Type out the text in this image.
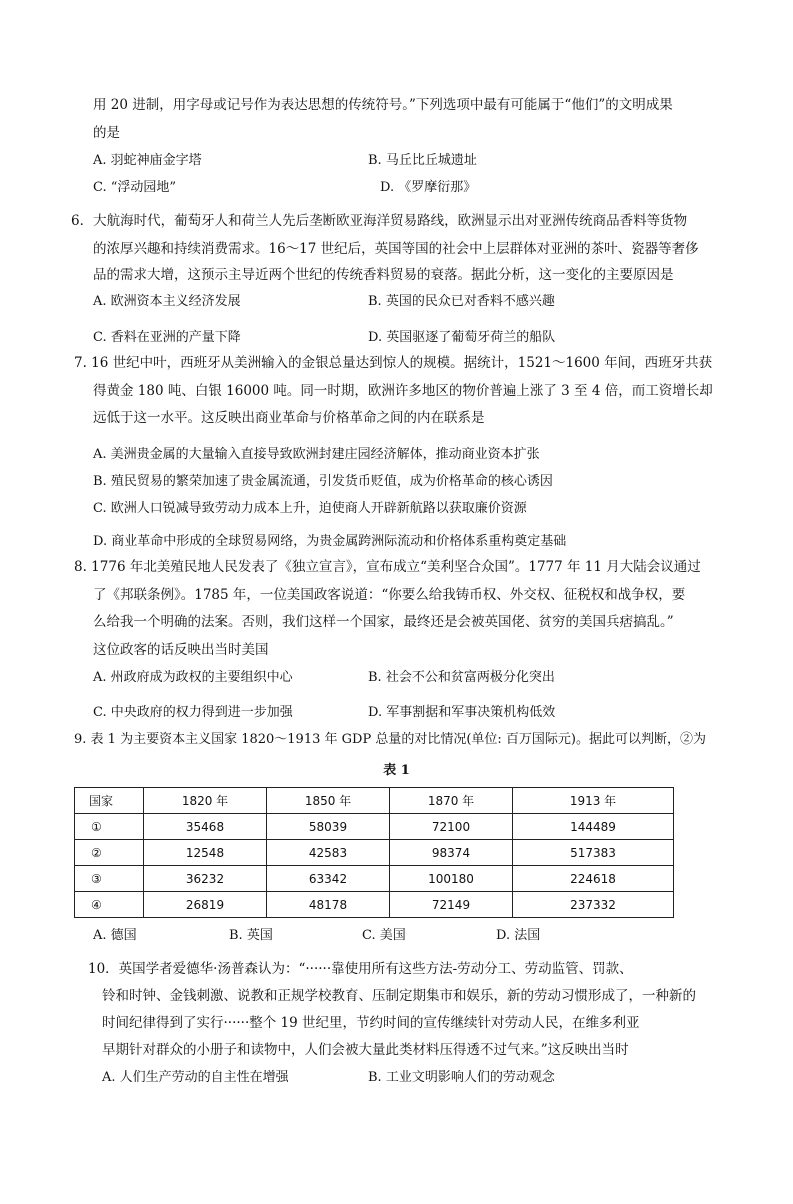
用 20 进制，用字母或记号作为表达思想的传统符号。”下列选项中最有可能属于“他们”的文明成果
的是
A. 羽蛇神庙金字塔	B. 马丘比丘城遗址
C. “浮动园地”	D. 《罗摩衍那》
6．大航海时代，葡萄牙人和荷兰人先后垄断欧亚海洋贸易路线，欧洲显示出对亚洲传统商品香料等货物
的浓厚兴趣和持续消费需求。16～17 世纪后，英国等国的社会中上层群体对亚洲的茶叶、瓷器等奢侈
品的需求大增，这预示主导近两个世纪的传统香料贸易的衰落。据此分析，这一变化的主要原因是
A. 欧洲资本主义经济发展	B. 英国的民众已对香料不感兴趣
C. 香料在亚洲的产量下降	D. 英国驱逐了葡萄牙荷兰的船队
7. 16 世纪中叶，西班牙从美洲输入的金银总量达到惊人的规模。据统计，1521～1600 年间，西班牙共获
得黄金 180 吨、白银 16000 吨。同一时期，欧洲许多地区的物价普遍上涨了 3 至 4 倍，而工资增长却
远低于这一水平。这反映出商业革命与价格革命之间的内在联系是
A. 美洲贵金属的大量输入直接导致欧洲封建庄园经济解体，推动商业资本扩张
B. 殖民贸易的繁荣加速了贵金属流通，引发货币贬值，成为价格革命的核心诱因
C. 欧洲人口锐减导致劳动力成本上升，迫使商人开辟新航路以获取廉价资源
D. 商业革命中形成的全球贸易网络，为贵金属跨洲际流动和价格体系重构奠定基础
8. 1776 年北美殖民地人民发表了《独立宣言》，宣布成立“美利坚合众国”。1777 年 11 月大陆会议通过
了《邦联条例》。1785 年，一位美国政客说道：“你要么给我铸币权、外交权、征税权和战争权，要
么给我一个明确的法案。否则，我们这样一个国家，最终还是会被英国佬、贫穷的美国兵痞搞乱。”
这位政客的话反映出当时美国
A. 州政府成为政权的主要组织中心	B. 社会不公和贫富两极分化突出
C. 中央政府的权力得到进一步加强	D. 军事割据和军事决策机构低效
9. 表 1 为主要资本主义国家 1820～1913 年 GDP 总量的对比情况(单位: 百万国际元)。据此可以判断，②为
表 1
国家	1820 年	1850 年	1870 年	1913 年
①	35468	58039	72100	144489
②	12548	42583	98374	517383
③	36232	63342	100180	224618
④	26819	48178	72149	237332
A. 德国	B. 英国	C. 美国	D. 法国
10．英国学者爱德华·汤普森认为：“······靠使用所有这些方法-劳动分工、劳动监管、罚款、
铃和时钟、金钱刺激、说教和正规学校教育、压制定期集市和娱乐，新的劳动习惯形成了，一种新的
时间纪律得到了实行······整个 19 世纪里，节约时间的宣传继续针对劳动人民，在维多利亚
早期针对群众的小册子和读物中，人们会被大量此类材料压得透不过气来。”这反映出当时
A. 人们生产劳动的自主性在增强	B. 工业文明影响人们的劳动观念
